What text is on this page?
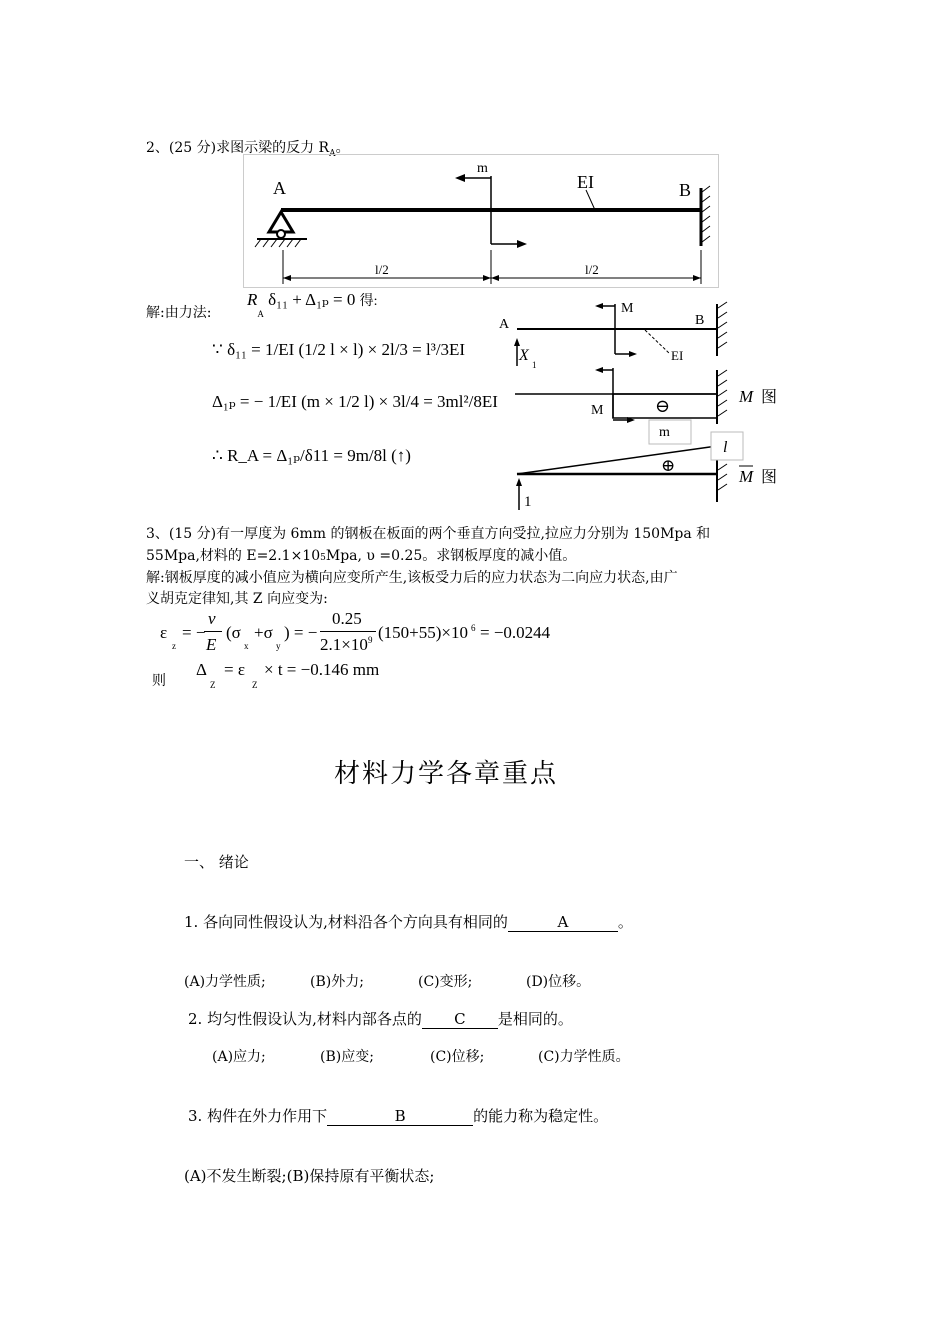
2、(25 分)求图示梁的反力 $R_A$。
A	B
EI
m
l/2	l/2
解:由力法:
$R_A$ δ₁₁ + Δ₁ₚ = 0 得:
∵ δ₁₁ = 1/EI (1/2 l × l) × 2l/3 = l³/3EI
Δ₁ₚ = − 1/EI (m × 1/2 l) × 3l/4 = 3ml²/8EI
∴ R_A = Δ₁ₚ/δ11 = 9m/8l (↑)
A	B
M
EI
X
1
M	⊖
m
M 图
1
⊕
l
M 图
3、(15 分)有一厚度为 6mm 的钢板在板面的两个垂直方向受拉,拉应力分别为 150Mpa 和
55Mpa,材料的 E=2.1×105Mpa, υ =0.25。求钢板厚度的减小值。
解:钢板厚度的减小值应为横向应变所产生,该板受力后的应力状态为二向应力状态,由广
义胡克定律知,其 Z 向应变为:
ε
z
= −
ν
E
(σ
x
+σ
y
) = −
0.25
2.1×10 9 (150+55)×10 6 = −0.0244
则
Δ
Z
= ε
Z
× t = −0.146 mm
材料力学各章重点
一、 绪论
1. 各向同性假设认为,材料沿各个方向具有相同的	A	。
(A)力学性质;	(B)外力;	(C)变形;	(D)位移。
2. 均匀性假设认为,材料内部各点的 C 是相同的。
(A)应力;	(B)应变;	(C)位移;	(C)力学性质。
3. 构件在外力作用下	B	的能力称为稳定性。
(A)不发生断裂;(B)保持原有平衡状态;
